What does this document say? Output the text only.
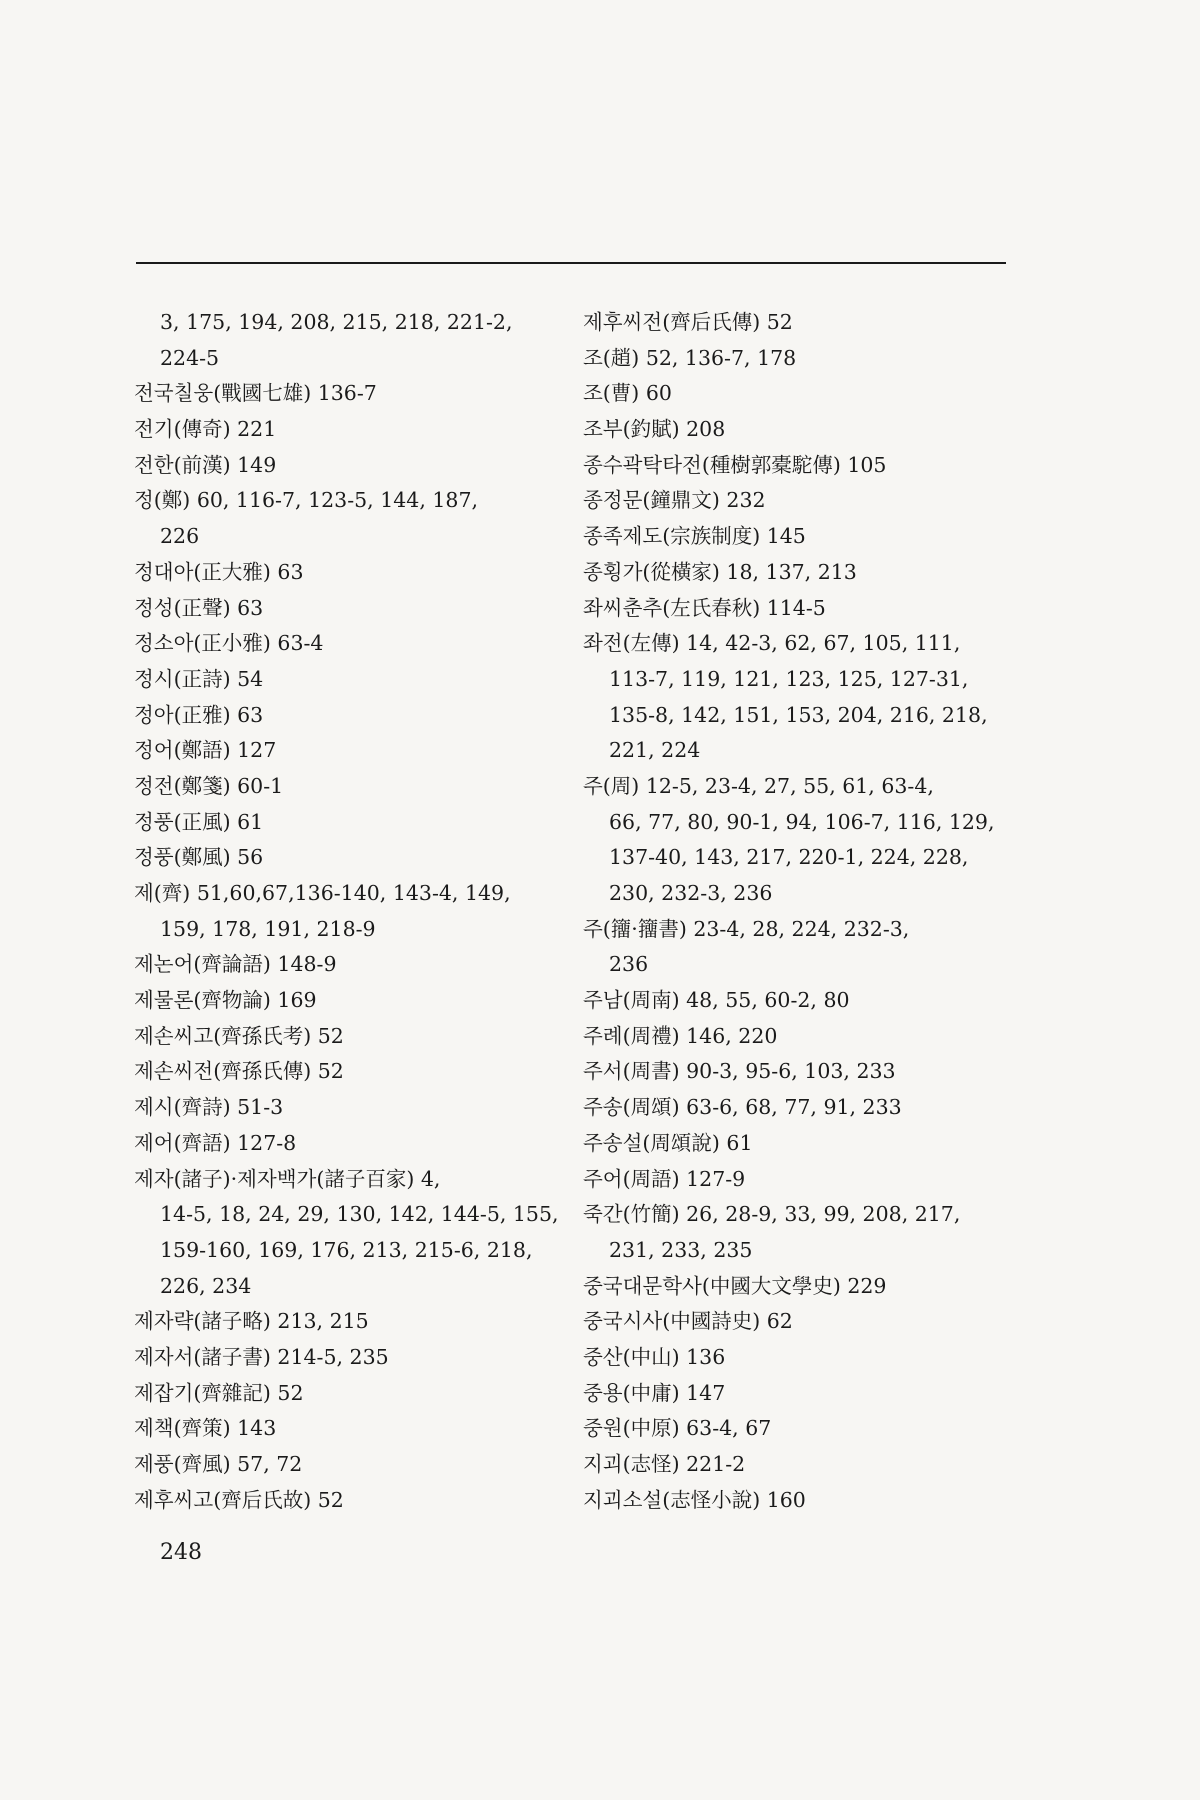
3, 175, 194, 208, 215, 218, 221-2,
224-5
전국칠웅(戰國七雄) 136-7
전기(傳奇) 221
전한(前漢) 149
정(鄭) 60, 116-7, 123-5, 144, 187,
226
정대아(正大雅) 63
정성(正聲) 63
정소아(正小雅) 63-4
정시(正詩) 54
정아(正雅) 63
정어(鄭語) 127
정전(鄭箋) 60-1
정풍(正風) 61
정풍(鄭風) 56
제(齊) 51,60,67,136-140, 143-4, 149,
159, 178, 191, 218-9
제논어(齊論語) 148-9
제물론(齊物論) 169
제손씨고(齊孫氏考) 52
제손씨전(齊孫氏傳) 52
제시(齊詩) 51-3
제어(齊語) 127-8
제자(諸子)·제자백가(諸子百家) 4,
14-5, 18, 24, 29, 130, 142, 144-5, 155,
159-160, 169, 176, 213, 215-6, 218,
226, 234
제자략(諸子略) 213, 215
제자서(諸子書) 214-5, 235
제잡기(齊雜記) 52
제책(齊策) 143
제풍(齊風) 57, 72
제후씨고(齊后氏故) 52
제후씨전(齊后氏傳) 52
조(趙) 52, 136-7, 178
조(曹) 60
조부(釣賦) 208
종수곽탁타전(種樹郭橐駝傳) 105
종정문(鐘鼎文) 232
종족제도(宗族制度) 145
종횡가(從橫家) 18, 137, 213
좌씨춘추(左氏春秋) 114-5
좌전(左傳) 14, 42-3, 62, 67, 105, 111,
113-7, 119, 121, 123, 125, 127-31,
135-8, 142, 151, 153, 204, 216, 218,
221, 224
주(周) 12-5, 23-4, 27, 55, 61, 63-4,
66, 77, 80, 90-1, 94, 106-7, 116, 129,
137-40, 143, 217, 220-1, 224, 228,
230, 232-3, 236
주(籒·籒書) 23-4, 28, 224, 232-3,
236
주남(周南) 48, 55, 60-2, 80
주례(周禮) 146, 220
주서(周書) 90-3, 95-6, 103, 233
주송(周頌) 63-6, 68, 77, 91, 233
주송설(周頌說) 61
주어(周語) 127-9
죽간(竹簡) 26, 28-9, 33, 99, 208, 217,
231, 233, 235
중국대문학사(中國大文學史) 229
중국시사(中國詩史) 62
중산(中山) 136
중용(中庸) 147
중원(中原) 63-4, 67
지괴(志怪) 221-2
지괴소설(志怪小說) 160
248
